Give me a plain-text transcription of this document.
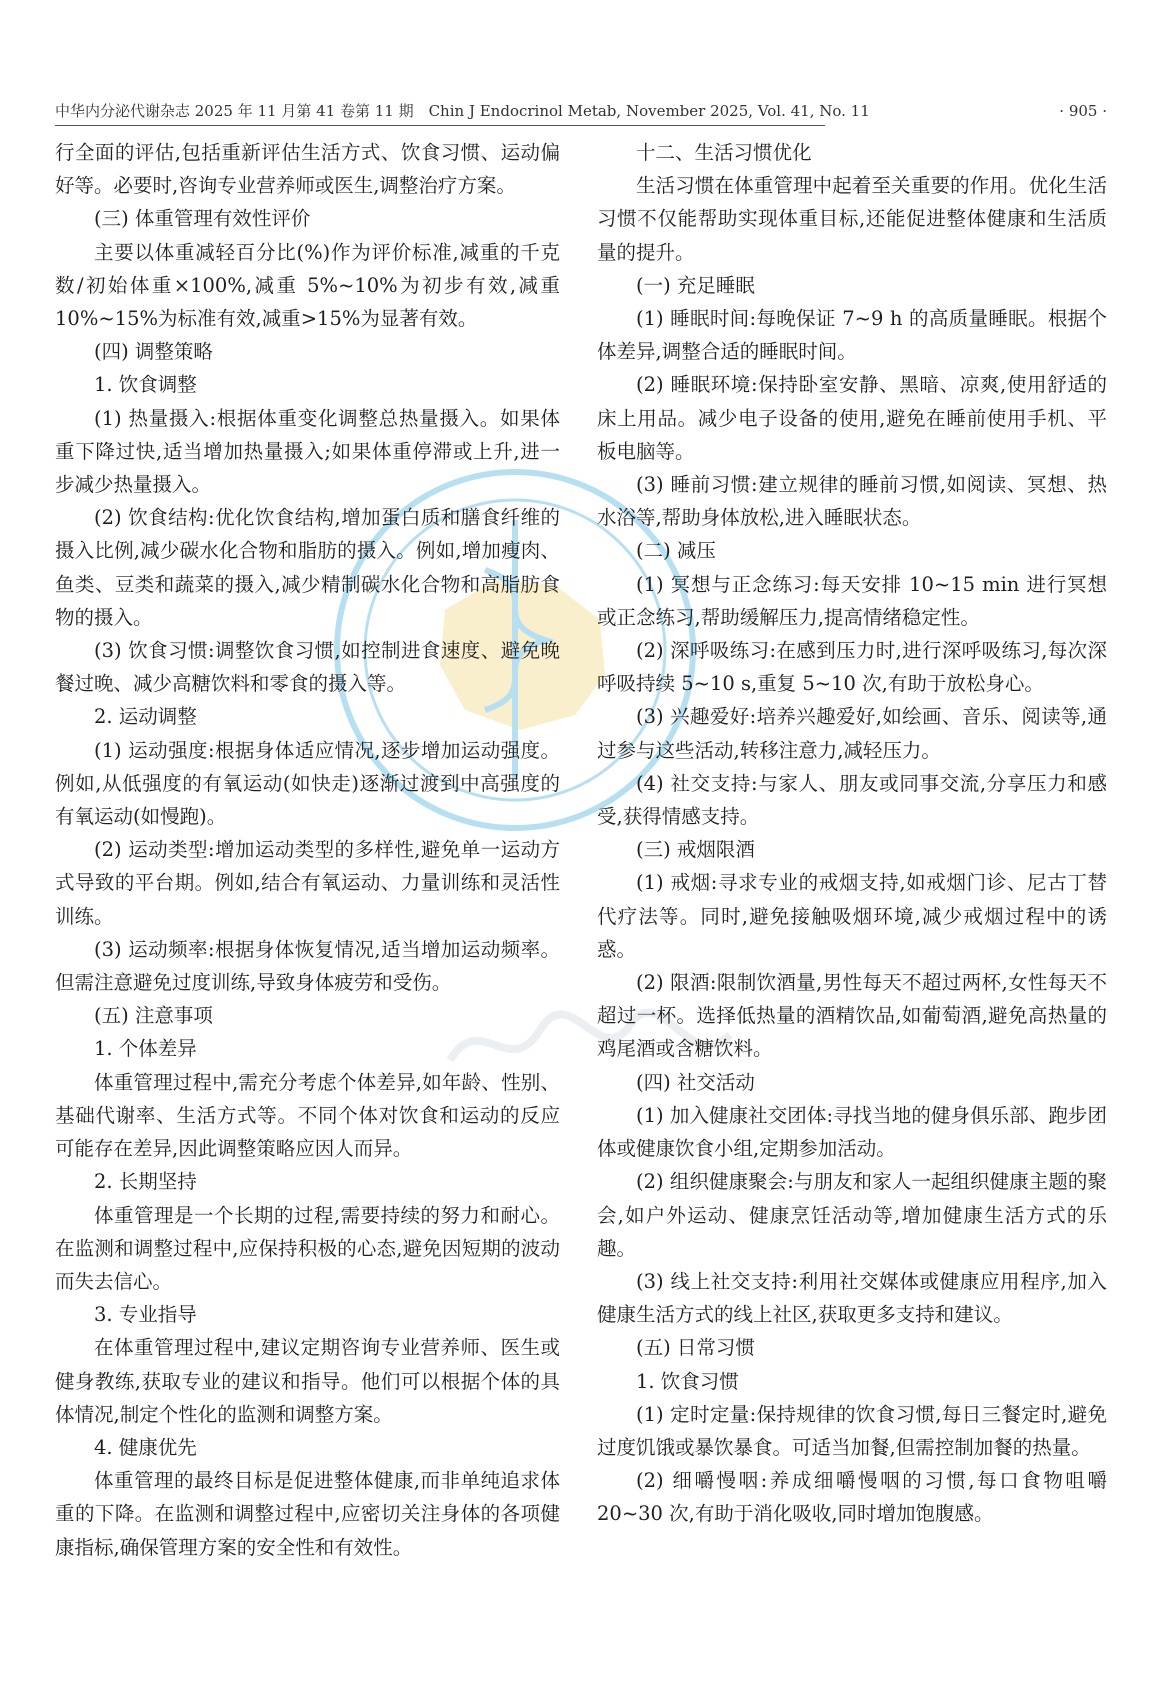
中华内分泌代谢杂志 2025 年 11 月第 41 卷第 11 期　Chin J Endocrinol Metab, November 2025, Vol. 41, No. 11	· 905 ·

行全面的评估,包括重新评估生活方式、饮食习惯、运动偏好等。必要时,咨询专业营养师或医生,调整治疗方案。

(三) 体重管理有效性评价

主要以体重减轻百分比(%)作为评价标准,减重的千克数/初始体重×100%,减重 5%~10%为初步有效,减重 10%~15%为标准有效,减重>15%为显著有效。

(四) 调整策略

1. 饮食调整

(1) 热量摄入:根据体重变化调整总热量摄入。如果体重下降过快,适当增加热量摄入;如果体重停滞或上升,进一步减少热量摄入。

(2) 饮食结构:优化饮食结构,增加蛋白质和膳食纤维的摄入比例,减少碳水化合物和脂肪的摄入。例如,增加瘦肉、鱼类、豆类和蔬菜的摄入,减少精制碳水化合物和高脂肪食物的摄入。

(3) 饮食习惯:调整饮食习惯,如控制进食速度、避免晚餐过晚、减少高糖饮料和零食的摄入等。

2. 运动调整

(1) 运动强度:根据身体适应情况,逐步增加运动强度。例如,从低强度的有氧运动(如快走)逐渐过渡到中高强度的有氧运动(如慢跑)。

(2) 运动类型:增加运动类型的多样性,避免单一运动方式导致的平台期。例如,结合有氧运动、力量训练和灵活性训练。

(3) 运动频率:根据身体恢复情况,适当增加运动频率。但需注意避免过度训练,导致身体疲劳和受伤。

(五) 注意事项

1. 个体差异

体重管理过程中,需充分考虑个体差异,如年龄、性别、基础代谢率、生活方式等。不同个体对饮食和运动的反应可能存在差异,因此调整策略应因人而异。

2. 长期坚持

体重管理是一个长期的过程,需要持续的努力和耐心。在监测和调整过程中,应保持积极的心态,避免因短期的波动而失去信心。

3. 专业指导

在体重管理过程中,建议定期咨询专业营养师、医生或健身教练,获取专业的建议和指导。他们可以根据个体的具体情况,制定个性化的监测和调整方案。

4. 健康优先

体重管理的最终目标是促进整体健康,而非单纯追求体重的下降。在监测和调整过程中,应密切关注身体的各项健康指标,确保管理方案的安全性和有效性。

十二、生活习惯优化

生活习惯在体重管理中起着至关重要的作用。优化生活习惯不仅能帮助实现体重目标,还能促进整体健康和生活质量的提升。

(一) 充足睡眠

(1) 睡眠时间:每晚保证 7~9 h 的高质量睡眠。根据个体差异,调整合适的睡眠时间。

(2) 睡眠环境:保持卧室安静、黑暗、凉爽,使用舒适的床上用品。减少电子设备的使用,避免在睡前使用手机、平板电脑等。

(3) 睡前习惯:建立规律的睡前习惯,如阅读、冥想、热水浴等,帮助身体放松,进入睡眠状态。

(二) 减压

(1) 冥想与正念练习:每天安排 10~15 min 进行冥想或正念练习,帮助缓解压力,提高情绪稳定性。

(2) 深呼吸练习:在感到压力时,进行深呼吸练习,每次深呼吸持续 5~10 s,重复 5~10 次,有助于放松身心。

(3) 兴趣爱好:培养兴趣爱好,如绘画、音乐、阅读等,通过参与这些活动,转移注意力,减轻压力。

(4) 社交支持:与家人、朋友或同事交流,分享压力和感受,获得情感支持。

(三) 戒烟限酒

(1) 戒烟:寻求专业的戒烟支持,如戒烟门诊、尼古丁替代疗法等。同时,避免接触吸烟环境,减少戒烟过程中的诱惑。

(2) 限酒:限制饮酒量,男性每天不超过两杯,女性每天不超过一杯。选择低热量的酒精饮品,如葡萄酒,避免高热量的鸡尾酒或含糖饮料。

(四) 社交活动

(1) 加入健康社交团体:寻找当地的健身俱乐部、跑步团体或健康饮食小组,定期参加活动。

(2) 组织健康聚会:与朋友和家人一起组织健康主题的聚会,如户外运动、健康烹饪活动等,增加健康生活方式的乐趣。

(3) 线上社交支持:利用社交媒体或健康应用程序,加入健康生活方式的线上社区,获取更多支持和建议。

(五) 日常习惯

1. 饮食习惯

(1) 定时定量:保持规律的饮食习惯,每日三餐定时,避免过度饥饿或暴饮暴食。可适当加餐,但需控制加餐的热量。

(2) 细嚼慢咽:养成细嚼慢咽的习惯,每口食物咀嚼 20~30 次,有助于消化吸收,同时增加饱腹感。
